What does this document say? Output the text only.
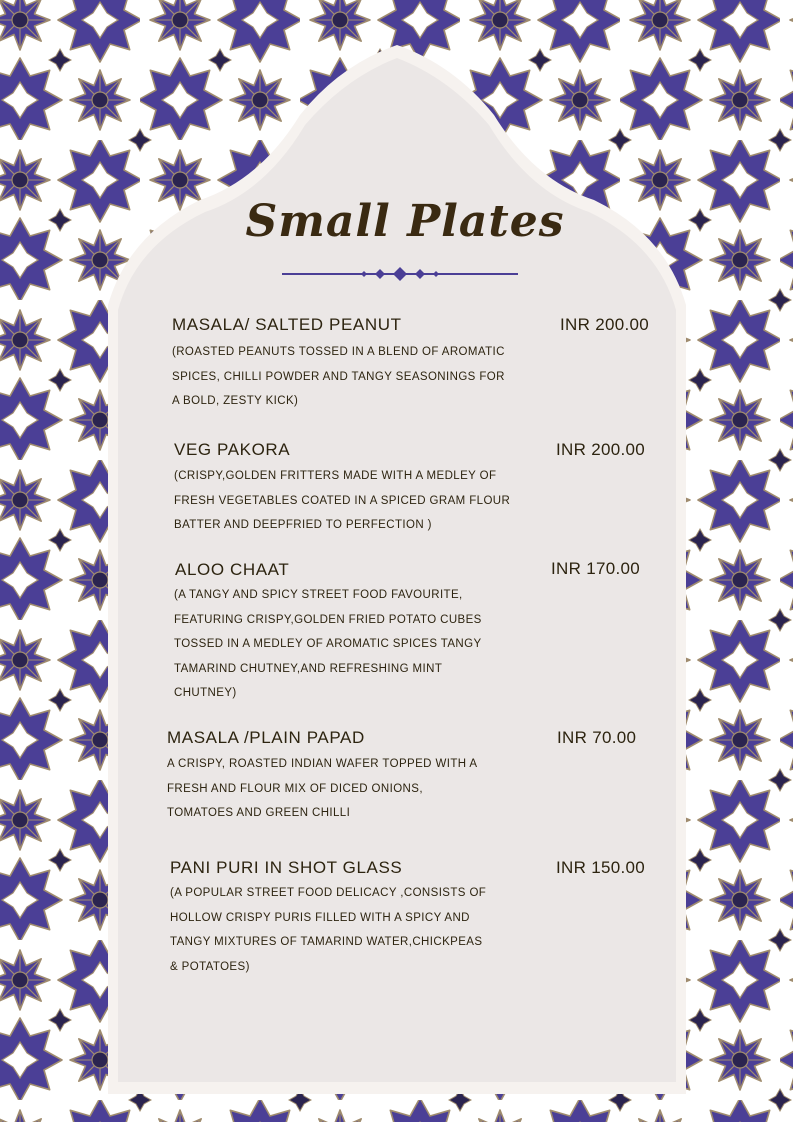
Small Plates
MASALA/ SALTED PEANUT	INR 200.00

(ROASTED PEANUTS TOSSED IN A BLEND OF AROMATIC SPICES, CHILLI POWDER AND TANGY SEASONINGS FOR A BOLD, ZESTY KICK)

VEG PAKORA	INR 200.00

(CRISPY,GOLDEN FRITTERS MADE WITH A MEDLEY OF FRESH VEGETABLES COATED IN A SPICED GRAM FLOUR BATTER AND DEEPFRIED TO PERFECTION )

ALOO CHAAT	INR 170.00

(A TANGY AND SPICY STREET FOOD FAVOURITE, FEATURING CRISPY,GOLDEN FRIED POTATO CUBES TOSSED IN A MEDLEY OF AROMATIC SPICES TANGY TAMARIND CHUTNEY,AND REFRESHING MINT CHUTNEY)

MASALA /PLAIN PAPAD	INR 70.00

A CRISPY, ROASTED INDIAN WAFER TOPPED WITH A FRESH AND FLOUR MIX OF DICED ONIONS, TOMATOES AND GREEN CHILLI

PANI PURI IN SHOT GLASS	INR 150.00

(A POPULAR STREET FOOD DELICACY ,CONSISTS OF HOLLOW CRISPY PURIS FILLED WITH A SPICY AND TANGY MIXTURES OF TAMARIND WATER,CHICKPEAS & POTATOES)
